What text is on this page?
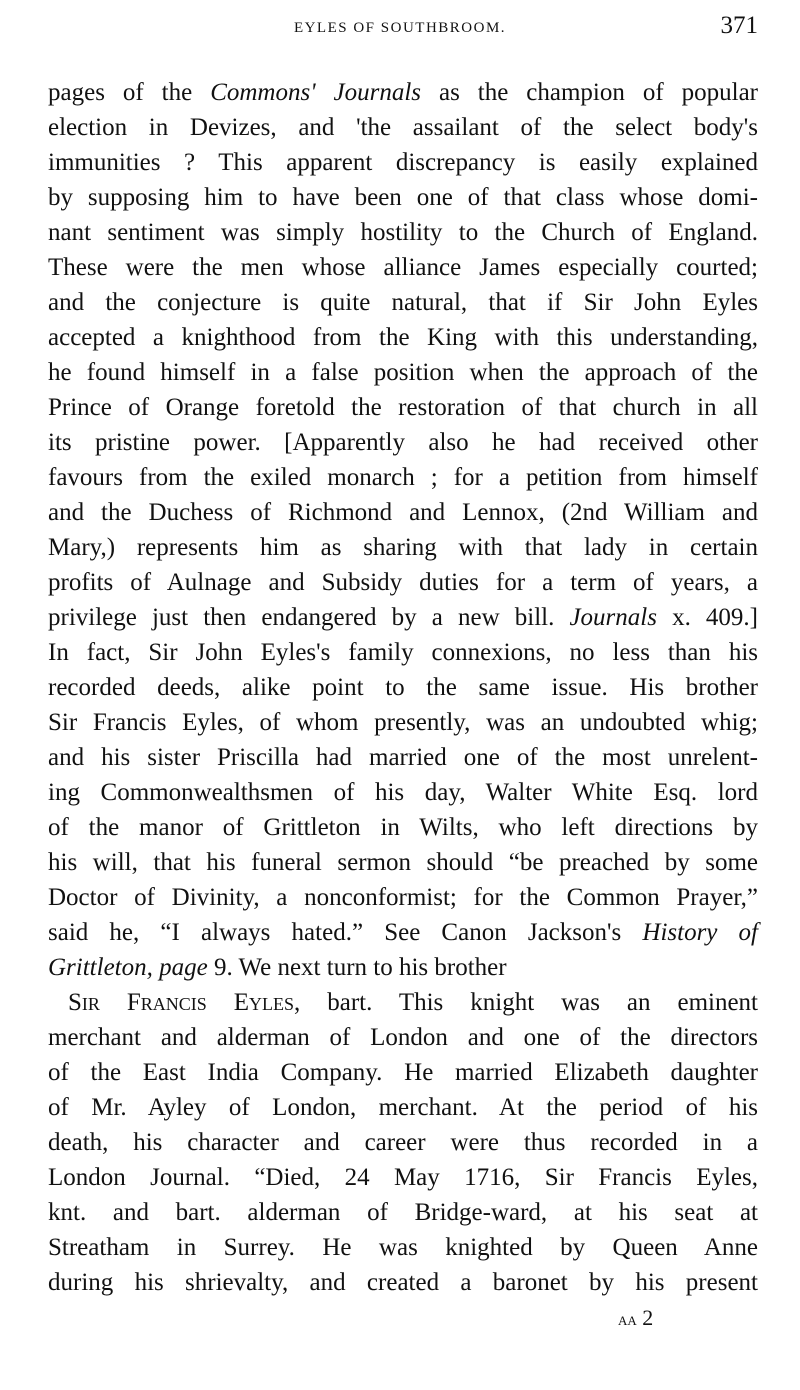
EYLES OF SOUTHBROOM.	371
pages of the Commons' Journals as the champion of popular
election in Devizes, and 'the assailant of the select body's
immunities ? This apparent discrepancy is easily explained
by supposing him to have been one of that class whose domi-
nant sentiment was simply hostility to the Church of England.
These were the men whose alliance James especially courted;
and the conjecture is quite natural, that if Sir John Eyles
accepted a knighthood from the King with this understanding,
he found himself in a false position when the approach of the
Prince of Orange foretold the restoration of that church in all
its pristine power. [Apparently also he had received other
favours from the exiled monarch ; for a petition from himself
and the Duchess of Richmond and Lennox, (2nd William and
Mary,) represents him as sharing with that lady in certain
profits of Aulnage and Subsidy duties for a term of years, a
privilege just then endangered by a new bill. Journals x. 409.]
In fact, Sir John Eyles's family connexions, no less than his
recorded deeds, alike point to the same issue. His brother
Sir Francis Eyles, of whom presently, was an undoubted whig;
and his sister Priscilla had married one of the most unrelent-
ing Commonwealthsmen of his day, Walter White Esq. lord
of the manor of Grittleton in Wilts, who left directions by
his will, that his funeral sermon should “be preached by some
Doctor of Divinity, a nonconformist; for the Common Prayer,”
said he, “I always hated.” See Canon Jackson's History of
Grittleton, page 9. We next turn to his brother
Sir Francis Eyles, bart. This knight was an eminent
merchant and alderman of London and one of the directors
of the East India Company. He married Elizabeth daughter
of Mr. Ayley of London, merchant. At the period of his
death, his character and career were thus recorded in a
London Journal. “Died, 24 May 1716, Sir Francis Eyles,
knt. and bart. alderman of Bridge-ward, at his seat at
Streatham in Surrey. He was knighted by Queen Anne
during his shrievalty, and created a baronet by his present
aa 2
